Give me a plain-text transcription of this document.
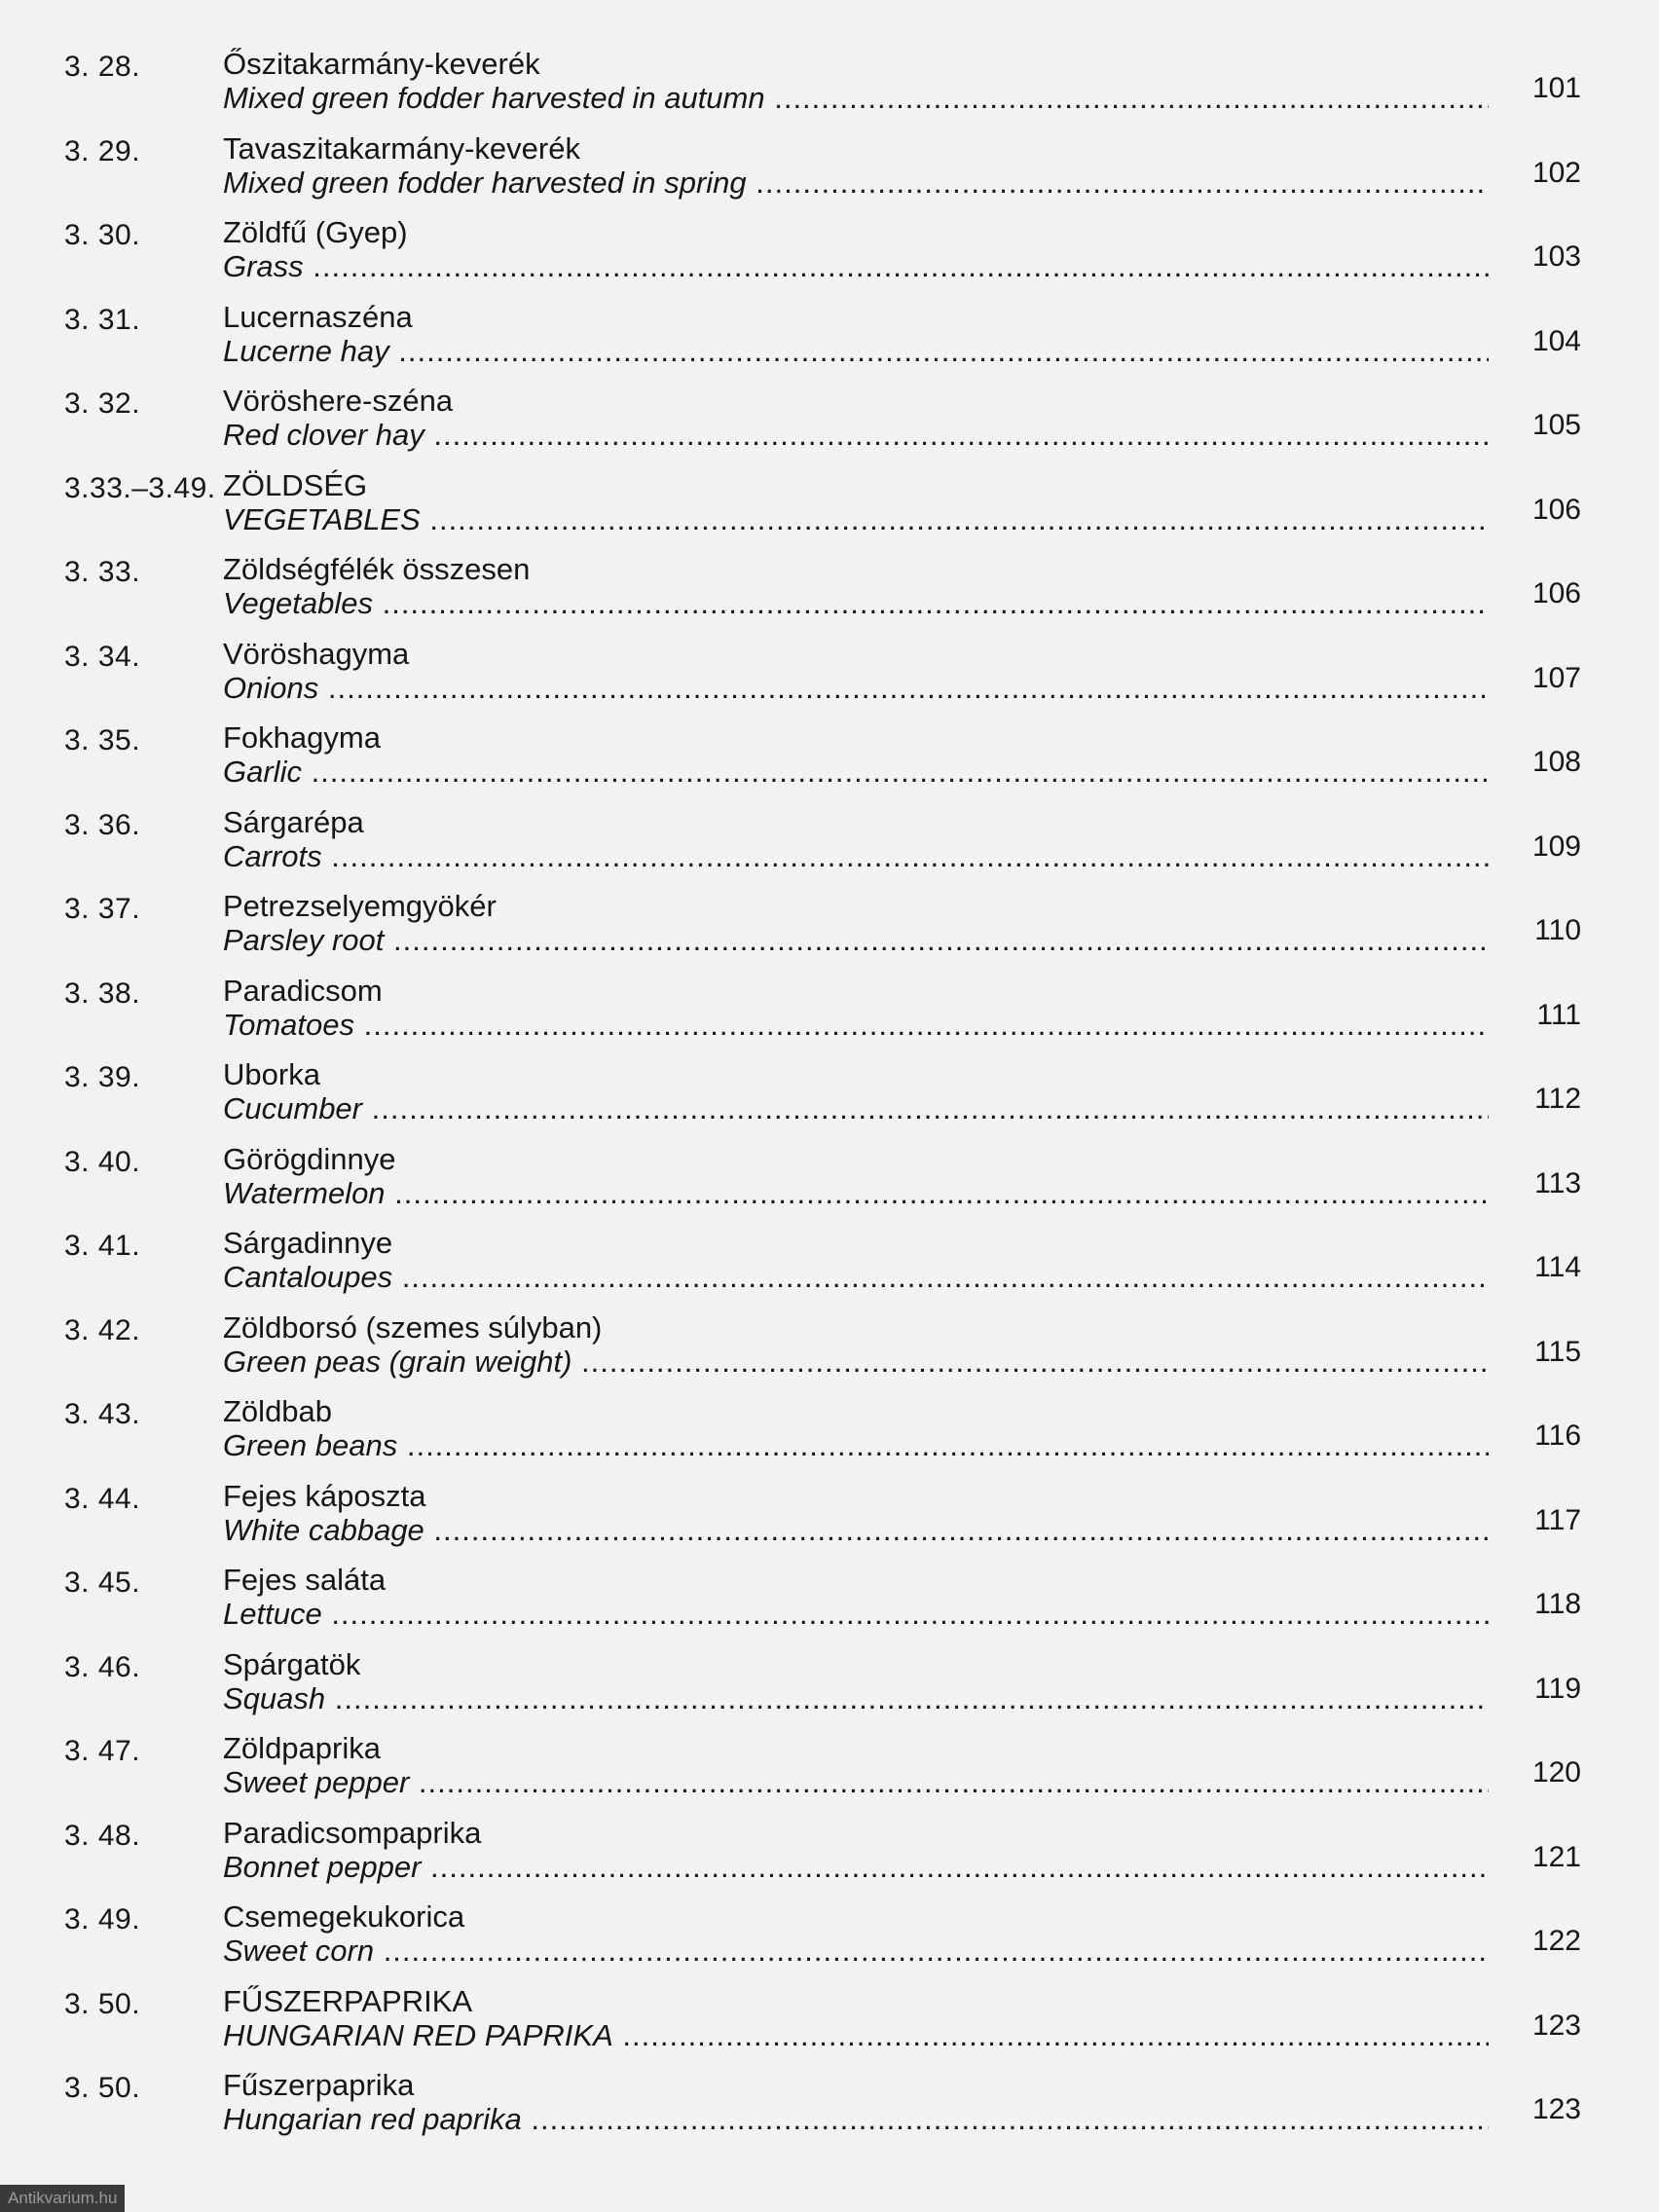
3. 28.	Őszitakarmány-keverék
Mixed green fodder harvested in autumn .....	101
3. 29.	Tavaszitakarmány-keverék
Mixed green fodder harvested in spring .....	102
3. 30.	Zöldfű (Gyep)
Grass .....	103
3. 31.	Lucernaszéna
Lucerne hay .....	104
3. 32.	Vöröshere-széna
Red clover hay .....	105
3.33.–3.49. ZÖLDSÉG
VEGETABLES .....	106
3. 33.	Zöldségfélék összesen
Vegetables .....	106
3. 34.	Vöröshagyma
Onions .....	107
3. 35.	Fokhagyma
Garlic .....	108
3. 36.	Sárgarépa
Carrots .....	109
3. 37.	Petrezselyemgyökér
Parsley root .....	110
3. 38.	Paradicsom
Tomatoes .....	111
3. 39.	Uborka
Cucumber .....	112
3. 40.	Görögdinnye
Watermelon .....	113
3. 41.	Sárgadinnye
Cantaloupes .....	114
3. 42.	Zöldborsó (szemes súlyban)
Green peas (grain weight) .....	115
3. 43.	Zöldbab
Green beans .....	116
3. 44.	Fejes káposzta
White cabbage .....	117
3. 45.	Fejes saláta
Lettuce .....	118
3. 46.	Spárgatök
Squash .....	119
3. 47.	Zöldpaprika
Sweet pepper .....	120
3. 48.	Paradicsompaprika
Bonnet pepper .....	121
3. 49.	Csemegekukorica
Sweet corn .....	122
3. 50.	FŰSZERPAPRIKA
HUNGARIAN RED PAPRIKA .....	123
3. 50.	Fűszerpaprika
Hungarian red paprika .....	123
Antikvarium.hu
